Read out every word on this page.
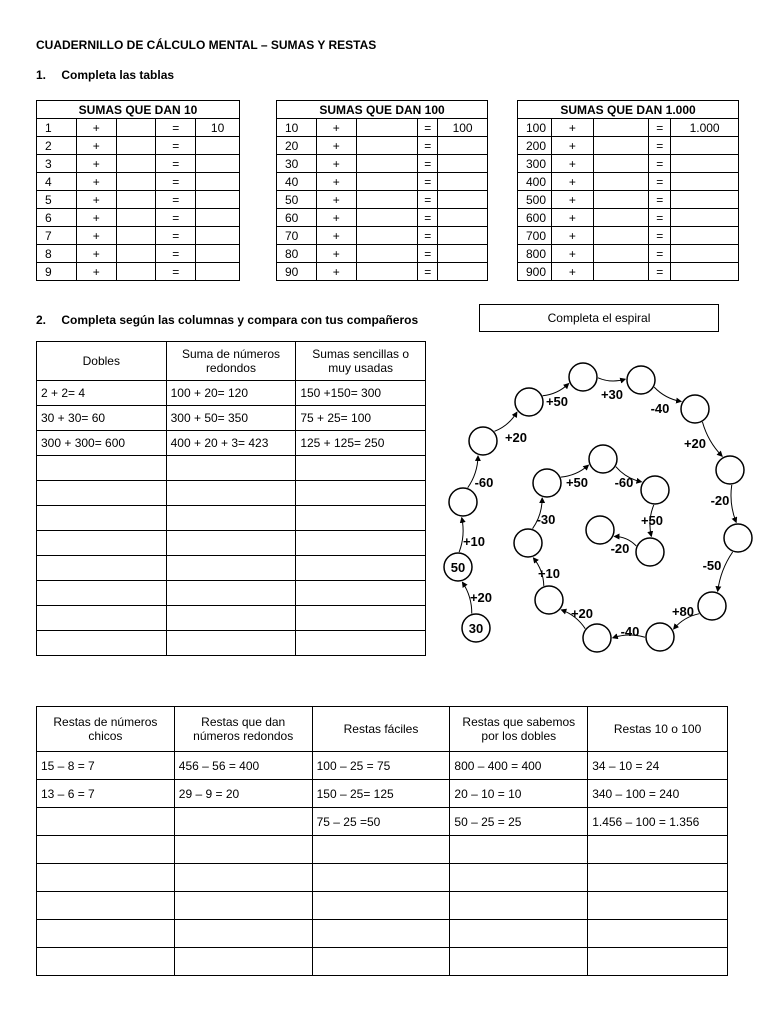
CUADERNILLO DE CÁLCULO MENTAL – SUMAS Y RESTAS
1. Completa las tablas
SUMAS QUE DAN 10				
1	+		=	10
2	+		=	
3	+		=	
4	+		=	
5	+		=	
6	+		=	
7	+		=	
8	+		=	
9	+		=	
SUMAS QUE DAN 100				
10	+		=	100
20	+		=	
30	+		=	
40	+		=	
50	+		=	
60	+		=	
70	+		=	
80	+		=	
90	+		=	
SUMAS QUE DAN 1.000				
100	+		=	1.000
200	+		=	
300	+		=	
400	+		=	
500	+		=	
600	+		=	
700	+		=	
800	+		=	
900	+		=	
2. Completa según las columnas y compara con tus compañeros	Completa el espiral
Dobles	Suma de números redondos	Sumas sencillas o muy usadas
2 + 2= 4	100 + 20= 120	150 +150= 300
30 + 30= 60	300 + 50= 350	75 + 25= 100
300 + 300= 600	400 + 20 + 3= 423	125 + 125= 250

30
50
+20
+10
-60
+20
+50	+30
-40
+20
-20
-50
+80
-40
+20
+10
-30
+50 -60
+50
-20
Restas de números chicos	Restas que dan números redondos	Restas fáciles	Restas que sabemos por los dobles	Restas 10 o 100
15 – 8 = 7	456 – 56 = 400	100 – 25 = 75	800 – 400 = 400	34 – 10 = 24
13 – 6 = 7	29 – 9 = 20	150 – 25= 125	20 – 10 = 10	340 – 100 = 240
		75 – 25 =50	50 – 25 = 25	1.456 – 100 = 1.356
